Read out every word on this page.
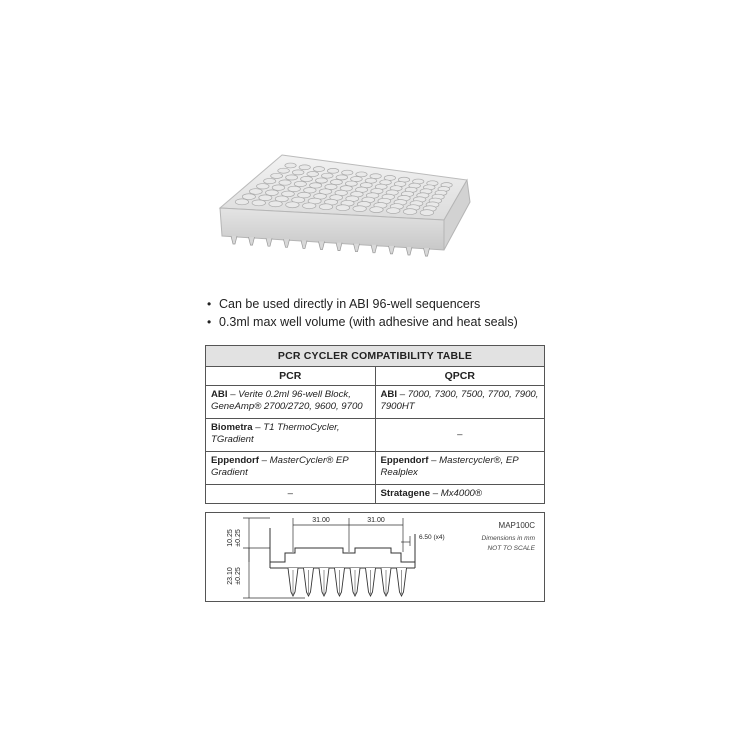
• Can be used directly in ABI 96-well sequencers
• 0.3ml max well volume (with adhesive and heat seals)
PCR CYCLER COMPATIBILITY TABLE	
PCR	QPCR
ABI – Verite 0.2ml 96-well Block, GeneAmp® 2700/2720, 9600, 9700	ABI – 7000, 7300, 7500, 7700, 7900, 7900HT
Biometra – T1 ThermoCycler, TGradient	–
Eppendorf – MasterCycler® EP Gradient	Eppendorf – Mastercycler®, EP Realplex
–	Stratagene – Mx4000®
31.00	31.00
6.50 (x4)
10.25 ±0.25
23.10 ±0.25
MAP100C
Dimensions in mm
NOT TO SCALE
